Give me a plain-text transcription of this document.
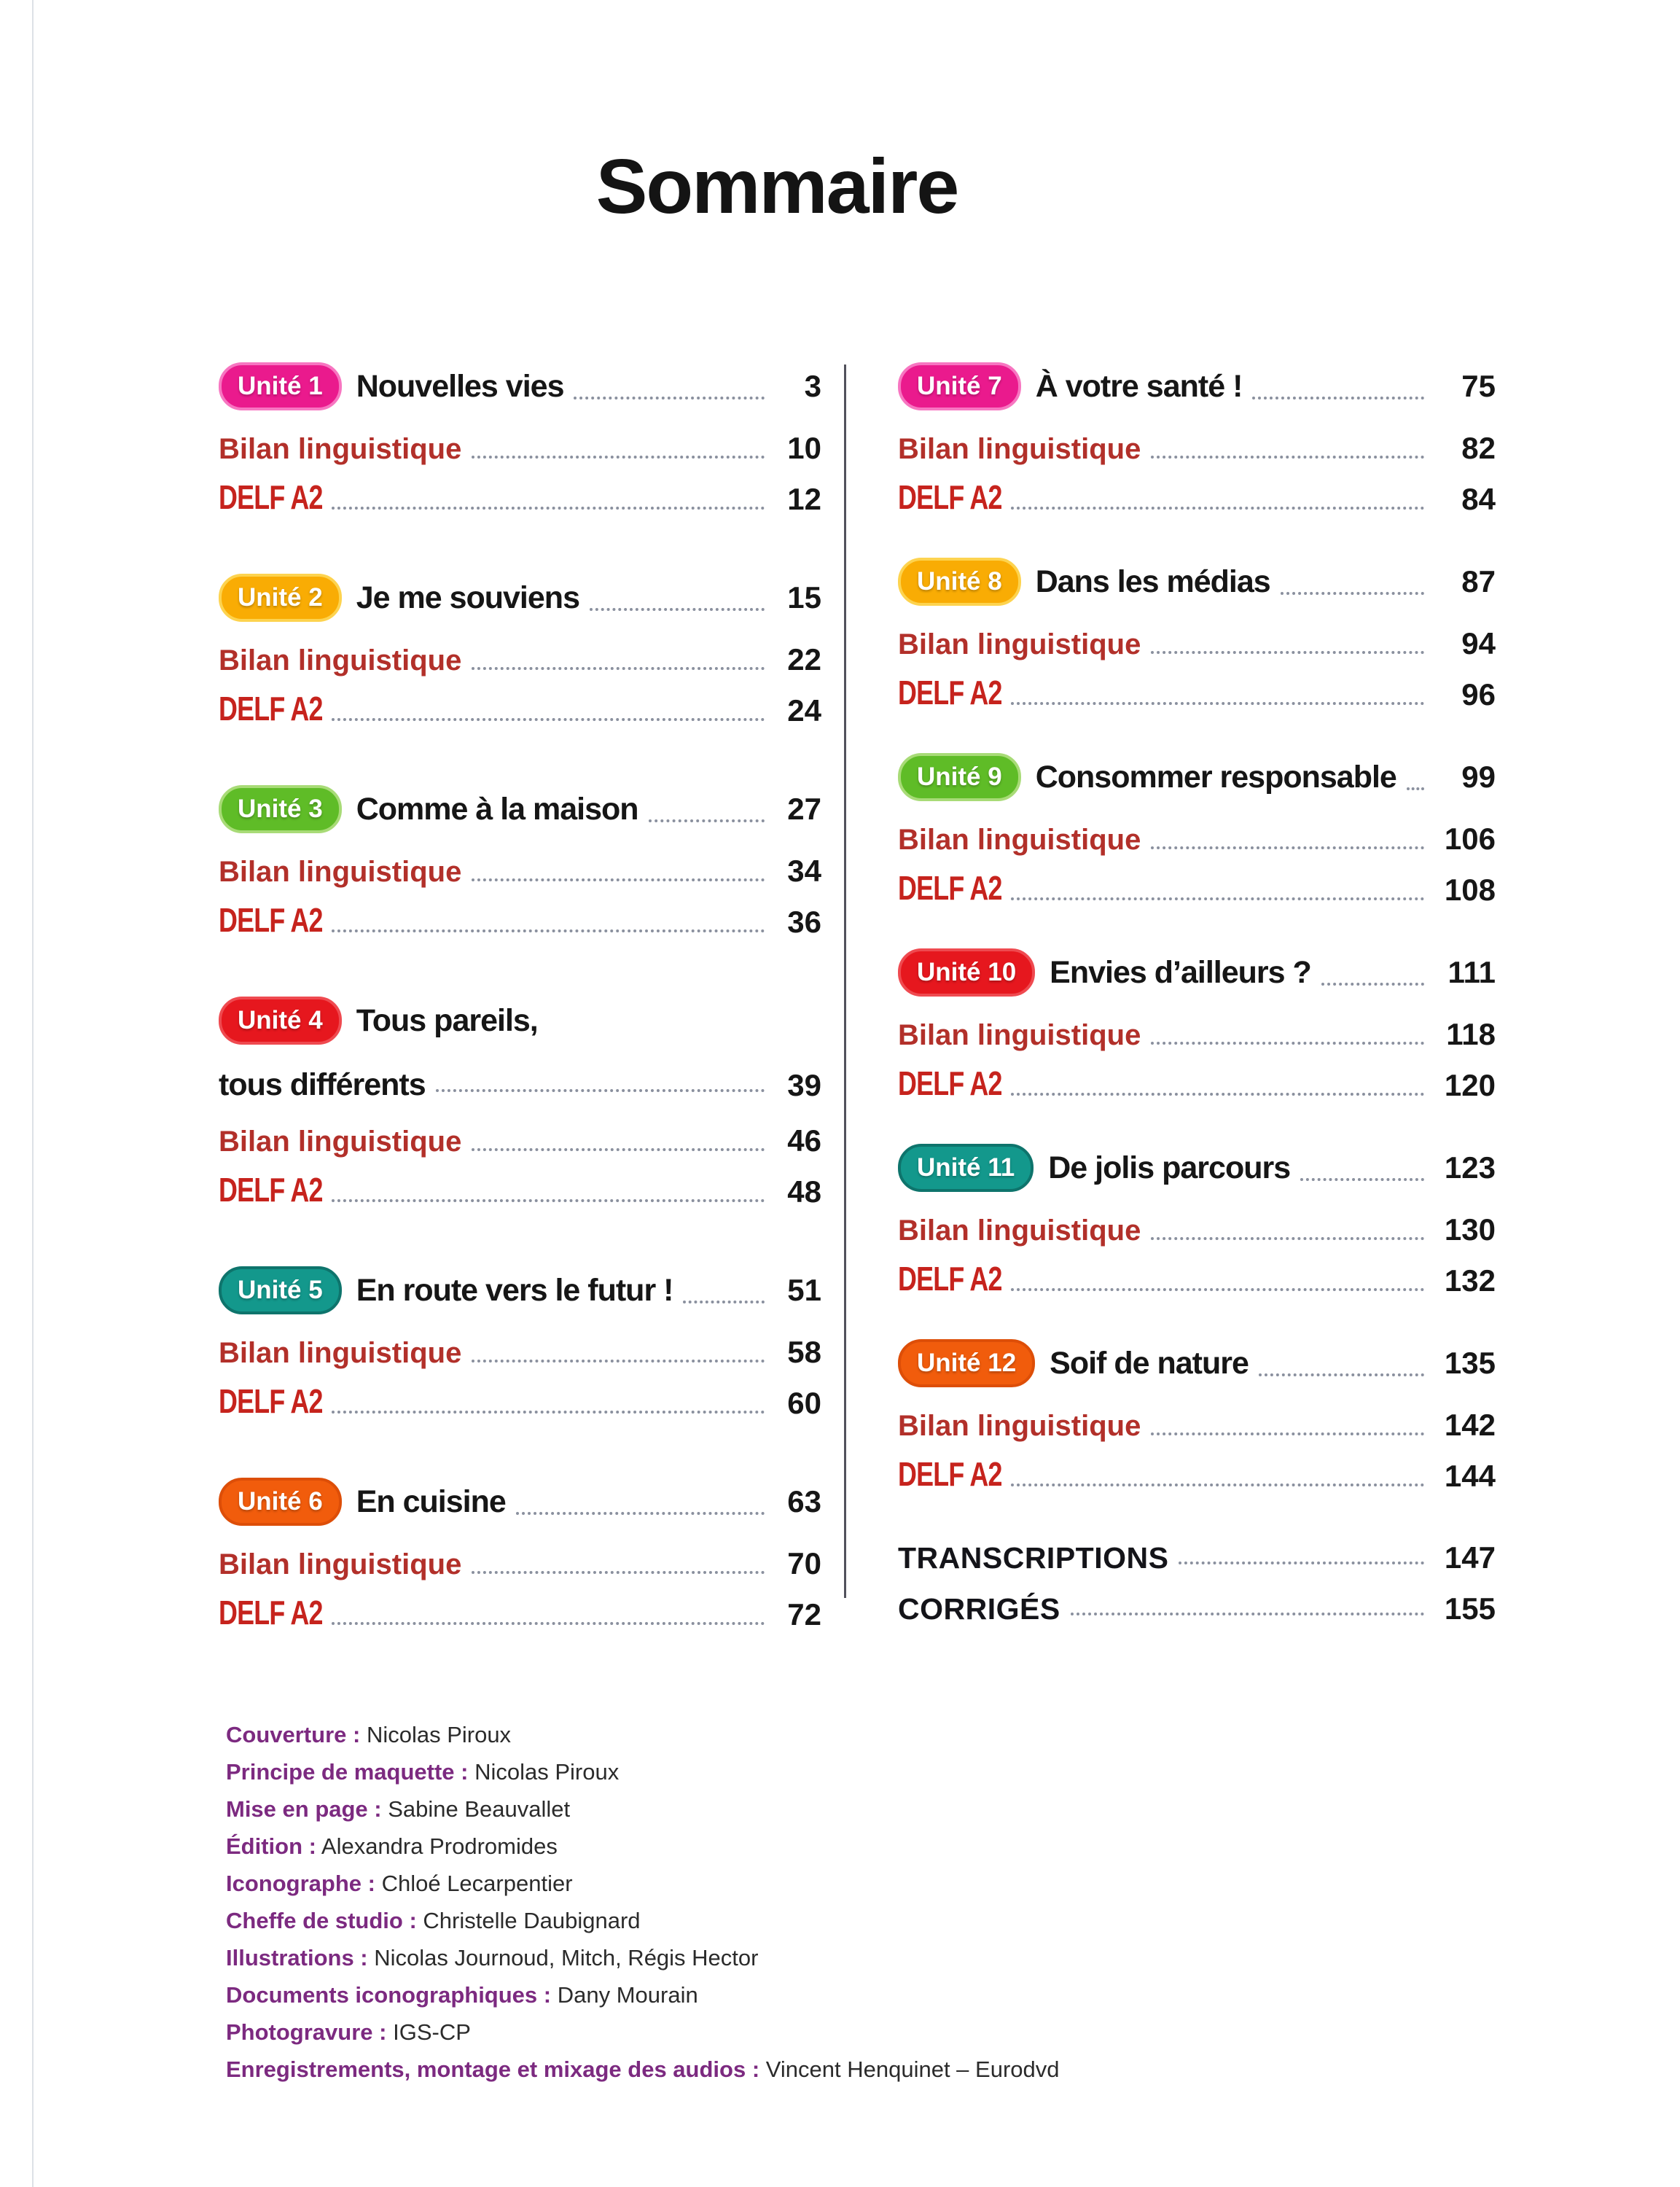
Sommaire
Unité 1	Nouvelles vies	3
Bilan linguistique	10
DELF A2	12
Unité 2	Je me souviens	15
Bilan linguistique	22
DELF A2	24
Unité 3	Comme à la maison	27
Bilan linguistique	34
DELF A2	36
Unité 4	Tous pareils,
tous différents	39
Bilan linguistique	46
DELF A2	48
Unité 5	En route vers le futur !	51
Bilan linguistique	58
DELF A2	60
Unité 6	En cuisine	63
Bilan linguistique	70
DELF A2	72
Unité 7	À votre santé !	75
Bilan linguistique	82
DELF A2	84
Unité 8	Dans les médias	87
Bilan linguistique	94
DELF A2	96
Unité 9	Consommer responsable	99
Bilan linguistique	106
DELF A2	108
Unité 10	Envies d’ailleurs ?	111
Bilan linguistique	118
DELF A2	120
Unité 11	De jolis parcours	123
Bilan linguistique	130
DELF A2	132
Unité 12	Soif de nature	135
Bilan linguistique	142
DELF A2	144
TRANSCRIPTIONS	147
CORRIGÉS	155
Couverture : Nicolas Piroux
Principe de maquette : Nicolas Piroux
Mise en page : Sabine Beauvallet
Édition : Alexandra Prodromides
Iconographe : Chloé Lecarpentier
Cheffe de studio : Christelle Daubignard
Illustrations : Nicolas Journoud, Mitch, Régis Hector
Documents iconographiques : Dany Mourain
Photogravure : IGS-CP
Enregistrements, montage et mixage des audios : Vincent Henquinet – Eurodvd
